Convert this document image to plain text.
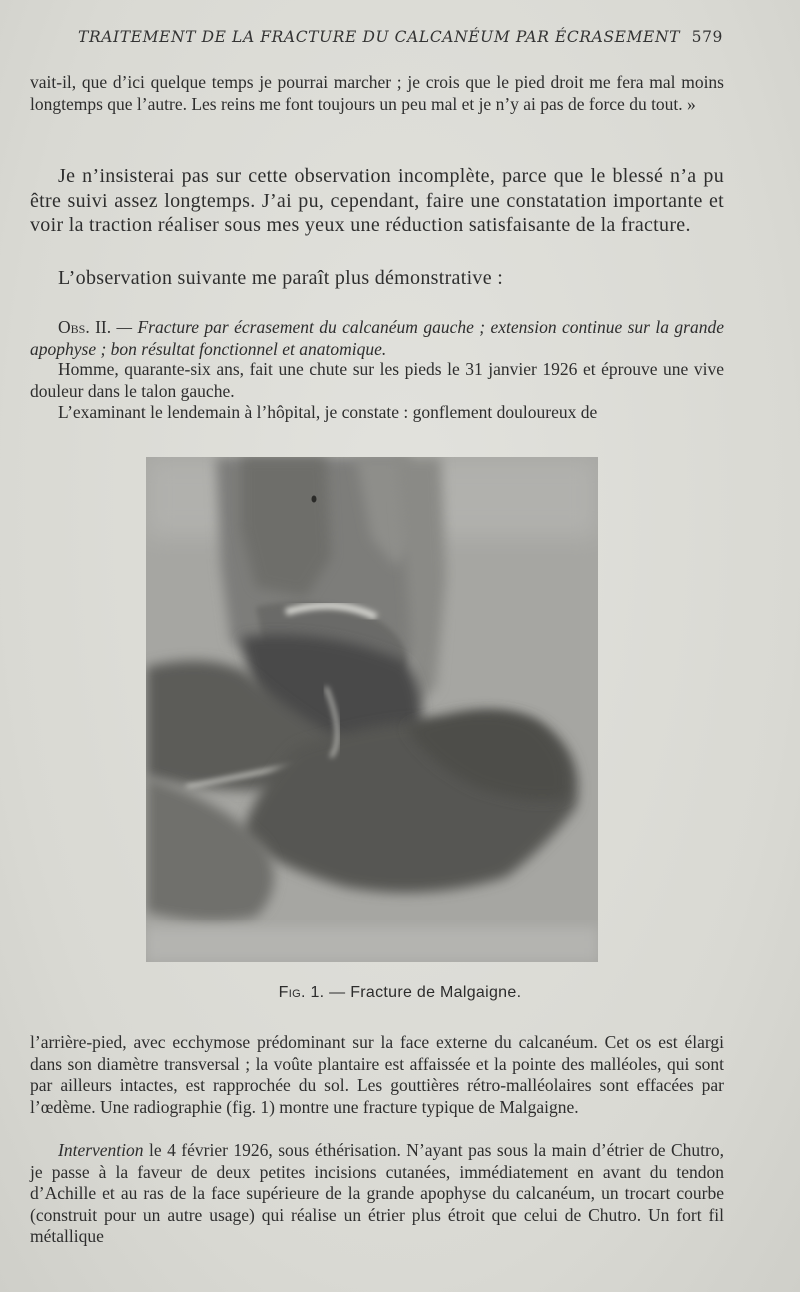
TRAITEMENT DE LA FRACTURE DU CALCANÉUM PAR ÉCRASEMENT 579
vait-il, que d’ici quelque temps je pourrai marcher ; je crois que le pied droit me fera mal moins longtemps que l’autre. Les reins me font toujours un peu mal et je n’y ai pas de force du tout. »
Je n’insisterai pas sur cette observation incomplète, parce que le blessé n’a pu être suivi assez longtemps. J’ai pu, cependant, faire une constatation importante et voir la traction réaliser sous mes yeux une réduction satisfaisante de la fracture.
L’observation suivante me paraît plus démonstrative :
Obs. II. — Fracture par écrasement du calcanéum gauche ; extension continue sur la grande apophyse ; bon résultat fonctionnel et anatomique.
Homme, quarante-six ans, fait une chute sur les pieds le 31 janvier 1926 et éprouve une vive douleur dans le talon gauche.
L’examinant le lendemain à l’hôpital, je constate : gonflement douloureux de
Fig. 1. — Fracture de Malgaigne.
l’arrière-pied, avec ecchymose prédominant sur la face externe du calcanéum. Cet os est élargi dans son diamètre transversal ; la voûte plantaire est affaissée et la pointe des malléoles, qui sont par ailleurs intactes, est rapprochée du sol. Les gouttières rétro-malléolaires sont effacées par l’œdème. Une radiographie (fig. 1) montre une fracture typique de Malgaigne.
Intervention le 4 février 1926, sous éthérisation. N’ayant pas sous la main d’étrier de Chutro, je passe à la faveur de deux petites incisions cutanées, immédiatement en avant du tendon d’Achille et au ras de la face supérieure de la grande apophyse du calcanéum, un trocart courbe (construit pour un autre usage) qui réalise un étrier plus étroit que celui de Chutro. Un fort fil métallique
